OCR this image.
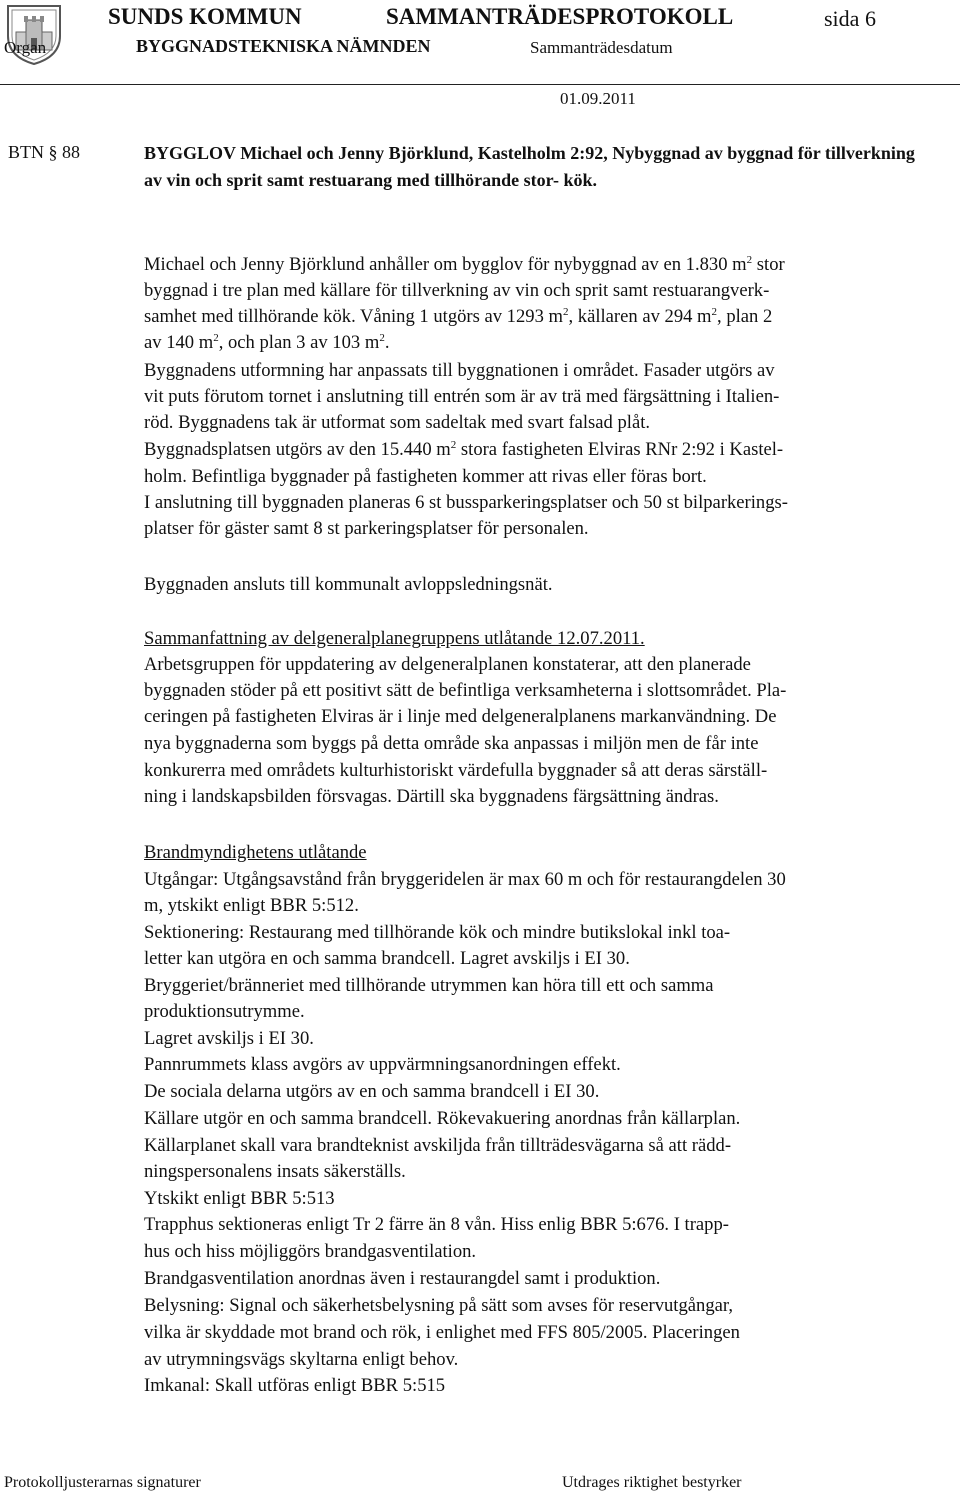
SUNDS KOMMUN	SAMMANTRÄDESPROTOKOLL	sida 6
Organ	BYGGNADSTEKNISKA NÄMNDEN	Sammanträdesdatum
01.09.2011
BTN § 88	BYGGLOV Michael och Jenny Björklund, Kastelholm 2:92, Nybyggnad av byggnad för tillverkning av vin och sprit samt restuarang med tillhörande stor- kök.
Michael och Jenny Björklund anhåller om bygglov för nybyggnad av en 1.830 $m^2$ stor
byggnad i tre plan med källare för tillverkning av vin och sprit samt restuarangverk-
samhet med tillhörande kök. Våning 1 utgörs av 1293 $m^2$, källaren av 294 $m^2$, plan 2
av 140 $m^2$, och plan 3 av 103 $m^2$.
Byggnadens utformning har anpassats till byggnationen i området. Fasader utgörs av
vit puts förutom tornet i anslutning till entrén som är av trä med färgsättning i Italien-
röd. Byggnadens tak är utformat som sadeltak med svart falsad plåt.
Byggnadsplatsen utgörs av den 15.440 $m^2$ stora fastigheten Elviras RNr 2:92 i Kastel-
holm. Befintliga byggnader på fastigheten kommer att rivas eller föras bort.
I anslutning till byggnaden planeras 6 st bussparkeringsplatser och 50 st bilparkerings-
platser för gäster samt 8 st parkeringsplatser för personalen.
Byggnaden ansluts till kommunalt avloppsledningsnät.
Sammanfattning av delgeneralplanegruppens utlåtande 12.07.2011.
Arbetsgruppen för uppdatering av delgeneralplanen konstaterar, att den planerade
byggnaden stöder på ett positivt sätt de befintliga verksamheterna i slottsområdet. Pla-
ceringen på fastigheten Elviras är i linje med delgeneralplanens markanvändning. De
nya byggnaderna som byggs på detta område ska anpassas i miljön men de får inte
konkurerra med områdets kulturhistoriskt värdefulla byggnader så att deras särställ-
ning i landskapsbilden försvagas. Därtill ska byggnadens färgsättning ändras.
Brandmyndighetens utlåtande
Utgångar: Utgångsavstånd från bryggeridelen är max 60 m och för restaurangdelen 30
m, ytskikt enligt BBR 5:512.
Sektionering: Restaurang med tillhörande kök och mindre butikslokal inkl toa-
letter kan utgöra en och samma brandcell. Lagret avskiljs i EI 30.
Bryggeriet/bränneriet med tillhörande utrymmen kan höra till ett och samma
produktionsutrymme.
Lagret avskiljs i EI 30.
Pannrummets klass avgörs av uppvärmningsanordningen effekt.
De sociala delarna utgörs av en och samma brandcell i EI 30.
Källare utgör en och samma brandcell. Rökevakuering anordnas från källarplan.
Källarplanet skall vara brandteknist avskiljda från tillträdesvägarna så att rädd-
ningspersonalens insats säkerställs.
Ytskikt enligt BBR 5:513
Trapphus sektioneras enligt Tr 2 färre än 8 vån. Hiss enlig BBR 5:676. I trapp-
hus och hiss möjliggörs brandgasventilation.
Brandgasventilation anordnas även i restaurangdel samt i produktion.
Belysning: Signal och säkerhetsbelysning på sätt som avses för reservutgångar,
vilka är skyddade mot brand och rök, i enlighet med FFS 805/2005. Placeringen
av utrymningsvägs skyltarna enligt behov.
Imkanal: Skall utföras enligt BBR 5:515
Protokolljusterarnas signaturer	Utdrages riktighet bestyrker
